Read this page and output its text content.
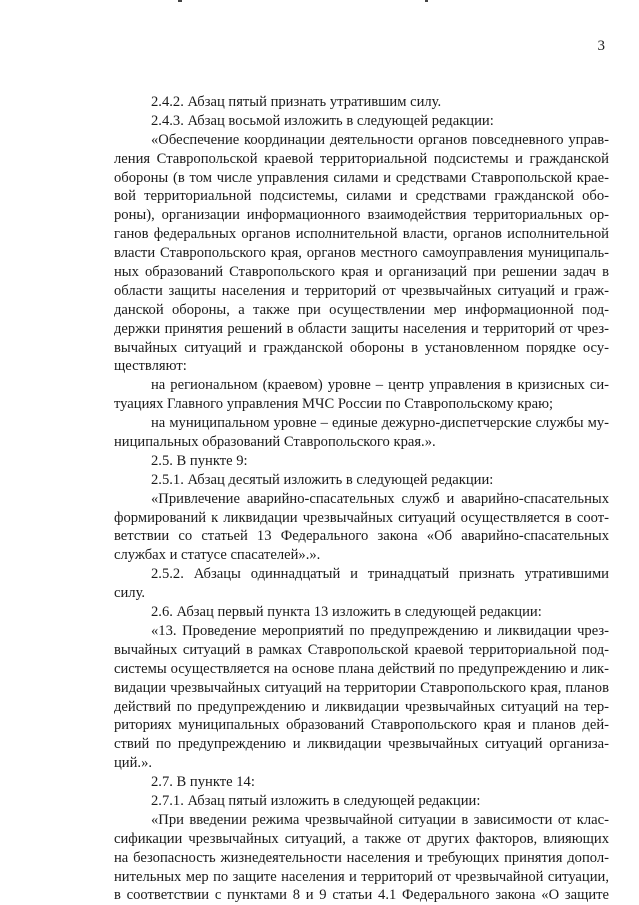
3
2.4.2. Абзац пятый признать утратившим силу.
2.4.3. Абзац восьмой изложить в следующей редакции:
«Обеспечение координации деятельности органов повседневного управ-
ления Ставропольской краевой территориальной подсистемы и гражданской
обороны (в том числе управления силами и средствами Ставропольской крае-
вой территориальной подсистемы, силами и средствами гражданской обо-
роны), организации информационного взаимодействия территориальных ор-
ганов федеральных органов исполнительной власти, органов исполнительной
власти Ставропольского края, органов местного самоуправления муниципаль-
ных образований Ставропольского края и организаций при решении задач в
области защиты населения и территорий от чрезвычайных ситуаций и граж-
данской обороны, а также при осуществлении мер информационной под-
держки принятия решений в области защиты населения и территорий от чрез-
вычайных ситуаций и гражданской обороны в установленном порядке осу-
ществляют:
на региональном (краевом) уровне – центр управления в кризисных си-
туациях Главного управления МЧС России по Ставропольскому краю;
на муниципальном уровне – единые дежурно-диспетчерские службы му-
ниципальных образований Ставропольского края.».
2.5. В пункте 9:
2.5.1. Абзац десятый изложить в следующей редакции:
«Привлечение аварийно-спасательных служб и аварийно-спасательных
формирований к ликвидации чрезвычайных ситуаций осуществляется в соот-
ветствии со статьей 13 Федерального закона «Об аварийно-спасательных
службах и статусе спасателей».».
2.5.2. Абзацы одиннадцатый и тринадцатый признать утратившими
силу.
2.6. Абзац первый пункта 13 изложить в следующей редакции:
«13. Проведение мероприятий по предупреждению и ликвидации чрез-
вычайных ситуаций в рамках Ставропольской краевой территориальной под-
системы осуществляется на основе плана действий по предупреждению и лик-
видации чрезвычайных ситуаций на территории Ставропольского края, планов
действий по предупреждению и ликвидации чрезвычайных ситуаций на тер-
риториях муниципальных образований Ставропольского края и планов дей-
ствий по предупреждению и ликвидации чрезвычайных ситуаций организа-
ций.».
2.7. В пункте 14:
2.7.1. Абзац пятый изложить в следующей редакции:
«При введении режима чрезвычайной ситуации в зависимости от клас-
сификации чрезвычайных ситуаций, а также от других факторов, влияющих
на безопасность жизнедеятельности населения и требующих принятия допол-
нительных мер по защите населения и территорий от чрезвычайной ситуации,
в соответствии с пунктами 8 и 9 статьи 4.1 Федерального закона «О защите
